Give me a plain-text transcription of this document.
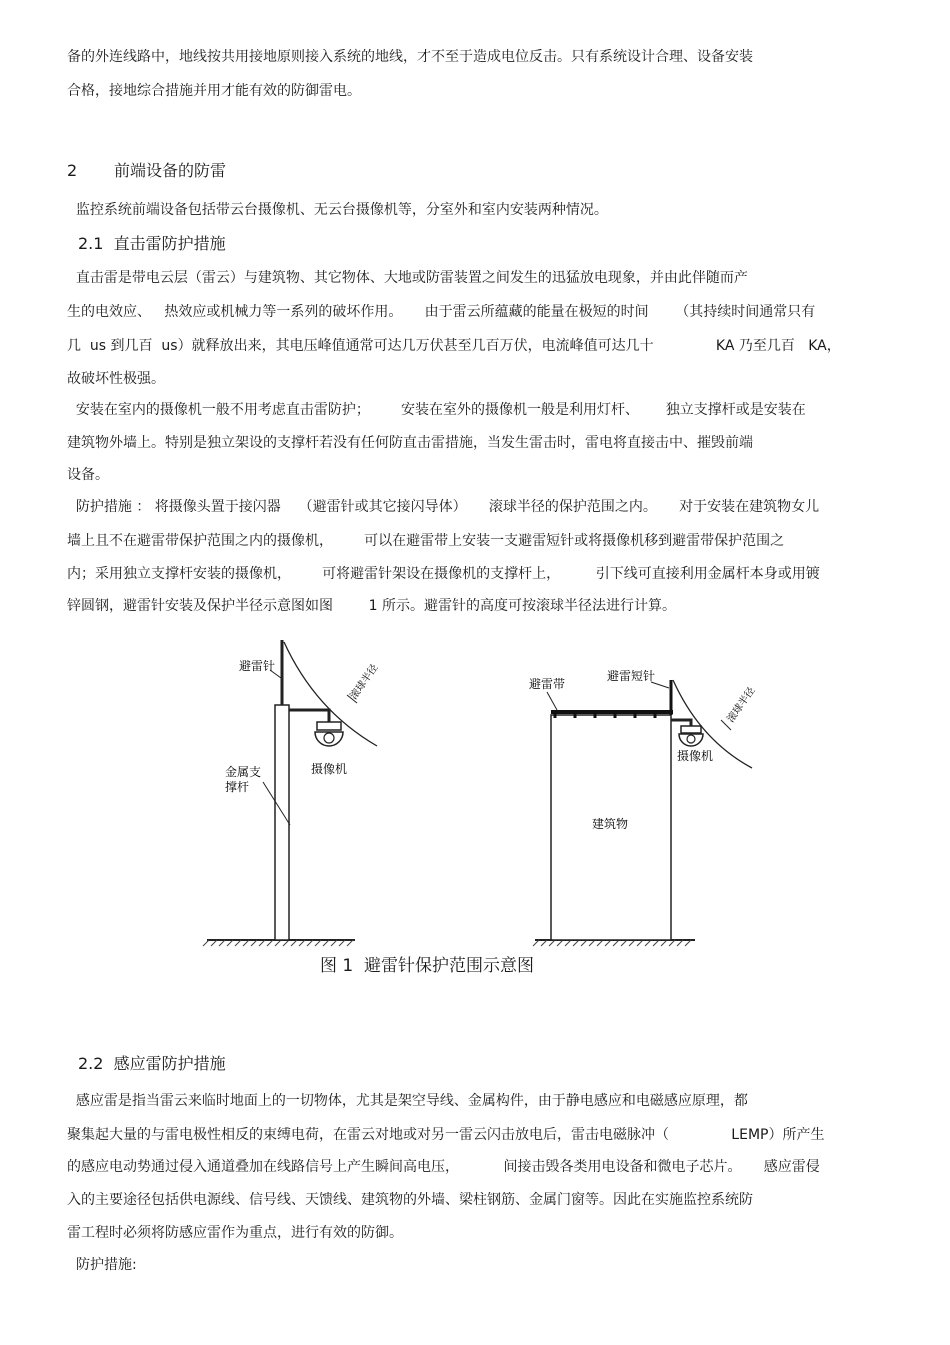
备的外连线路中，地线按共用接地原则接入系统的地线，才不至于造成电位反击。只有系统设计合理、设备安装
合格，接地综合措施并用才能有效的防御雷电。
2 前端设备的防雷
监控系统前端设备包括带云台摄像机、无云台摄像机等，分室外和室内安装两种情况。
2.1  直击雷防护措施
直击雷是带电云层（雷云）与建筑物、其它物体、大地或防雷装置之间发生的迅猛放电现象，并由此伴随而产
生的电效应、   热效应或机械力等一系列的破坏作用。     由于雷云所蕴藏的能量在极短的时间      （其持续时间通常只有
几  us 到几百  us）就释放出来，其电压峰值通常可达几万伏甚至几百万伏，电流峰值可达几十              KA 乃至几百   KA，
故破坏性极强。
安装在室内的摄像机一般不用考虑直击雷防护；       安装在室外的摄像机一般是利用灯杆、      独立支撑杆或是安装在
建筑物外墙上。特别是独立架设的支撑杆若没有任何防直击雷措施，当发生雷击时，雷电将直接击中、摧毁前端
设备。
防护措施 ： 将摄像头置于接闪器    （避雷针或其它接闪导体）     滚球半径的保护范围之内。     对于安装在建筑物女儿
墙上且不在避雷带保护范围之内的摄像机，       可以在避雷带上安装一支避雷短针或将摄像机移到避雷带保护范围之
内；采用独立支撑杆安装的摄像机，       可将避雷针架设在摄像机的支撑杆上，        引下线可直接利用金属杆本身或用镀
锌圆钢，避雷针安装及保护半径示意图如图        1 所示。避雷针的高度可按滚球半径法进行计算。
避雷针	滚球半径
摄像机
金属支
撑杆
避雷带
避雷短针
滚球半径
摄像机
建筑物
图 1  避雷针保护范围示意图
2.2  感应雷防护措施
感应雷是指当雷云来临时地面上的一切物体，尤其是架空导线、金属构件，由于静电感应和电磁感应原理，都
聚集起大量的与雷电极性相反的束缚电荷，在雷云对地或对另一雷云闪击放电后，雷击电磁脉冲（              LEMP）所产生
的感应电动势通过侵入通道叠加在线路信号上产生瞬间高电压，          间接击毁各类用电设备和微电子芯片。     感应雷侵
入的主要途径包括供电源线、信号线、天馈线、建筑物的外墙、梁柱钢筋、金属门窗等。因此在实施监控系统防
雷工程时必须将防感应雷作为重点，进行有效的防御。
防护措施:
